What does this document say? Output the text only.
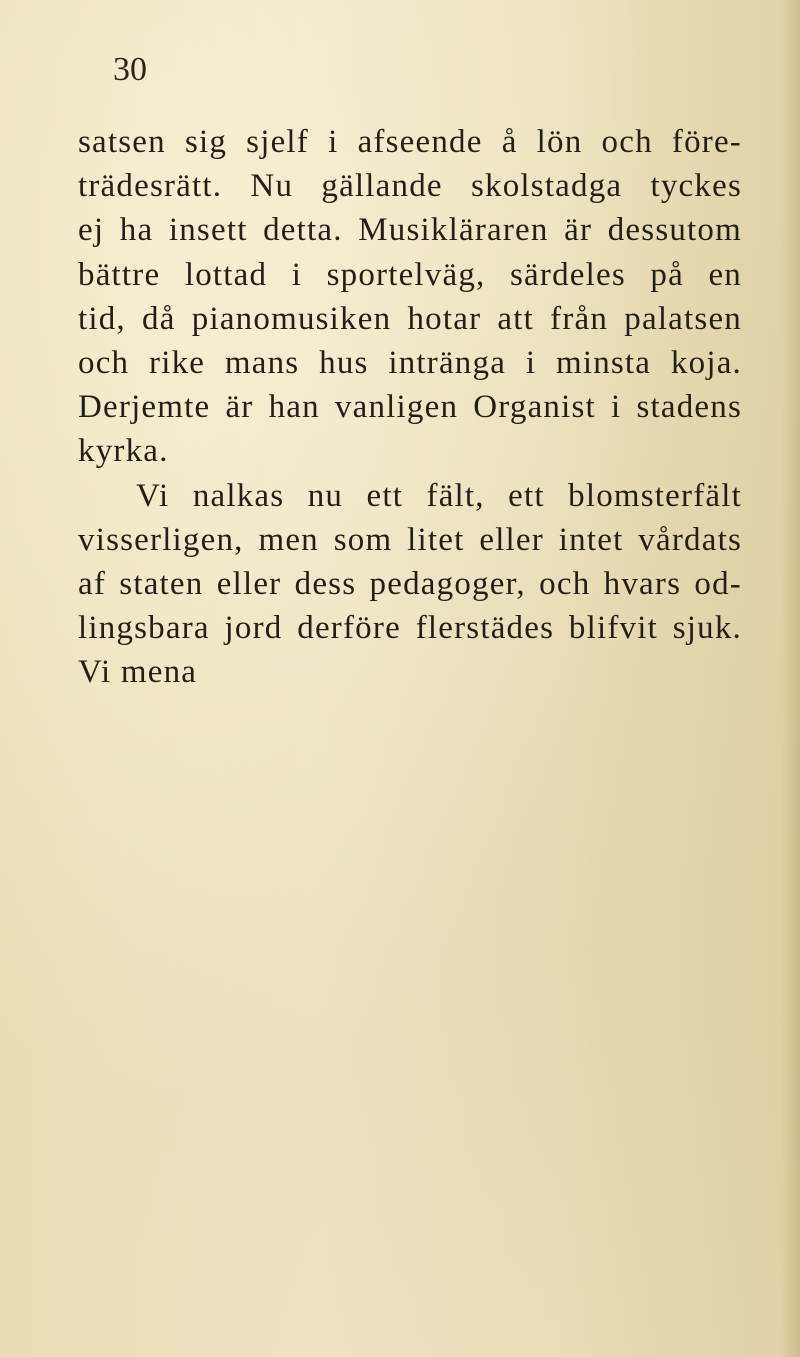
30
satsen sig sjelf i afseende å lön och före-
trädesrätt. Nu gällande skolstadga tyckes
ej ha insett detta. Musikläraren är dessutom
bättre lottad i sportelväg, särdeles på en
tid, då pianomusiken hotar att från palatsen
och rike mans hus intränga i minsta koja.
Derjemte är han vanligen Organist i stadens
kyrka.
Vi nalkas nu ett fält, ett blomsterfält
visserligen, men som litet eller intet vårdats
af staten eller dess pedagoger, och hvars od-
lingsbara jord derföre flerstädes blifvit sjuk.
Vi mena
